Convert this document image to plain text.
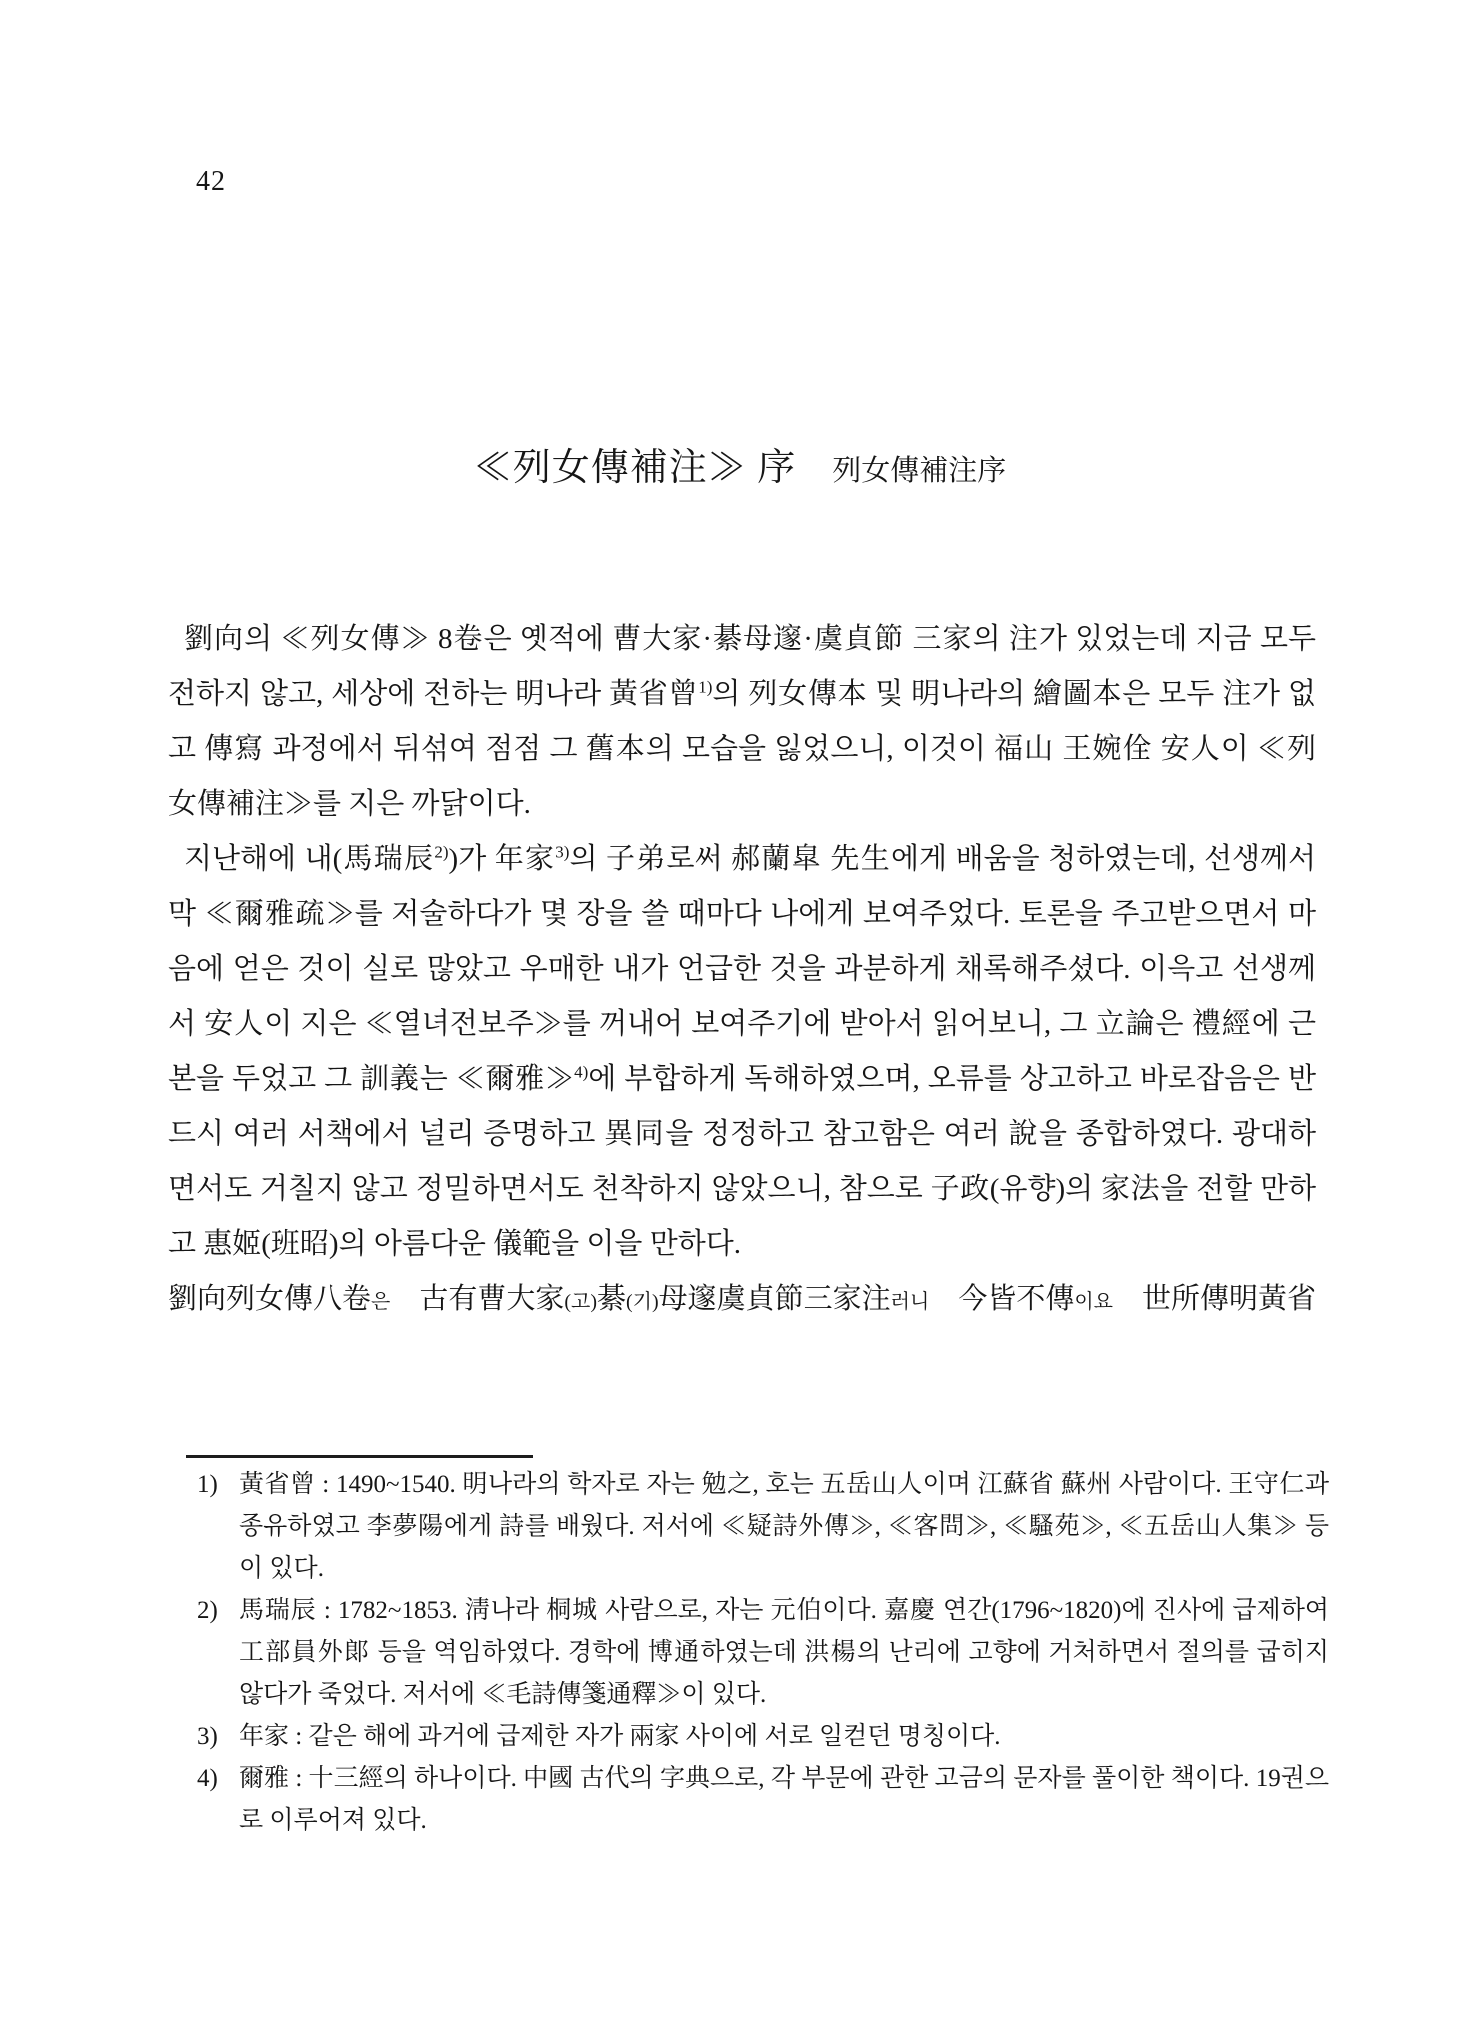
42
≪列女傳補注≫ 序 列女傳補注序

劉向의 ≪列女傳≫ 8卷은 옛적에 曹大家·綦母邃·虞貞節 三家의 注가 있었는데 지금 모두 전하지 않고, 세상에 전하는 明나라 黃省曾$^{1)}$의 列女傳本 및 明나라의 繪圖本은 모두 注가 없고 傳寫 과정에서 뒤섞여 점점 그 舊本의 모습을 잃었으니, 이것이 福山 王婉佺 安人이 ≪列女傳補注≫를 지은 까닭이다.

지난해에 내(馬瑞辰$^{2)}$)가 年家$^{3)}$의 子弟로써 郝蘭皐 先生에게 배움을 청하였는데, 선생께서 막 ≪爾雅疏≫를 저술하다가 몇 장을 쓸 때마다 나에게 보여주었다. 토론을 주고받으면서 마음에 얻은 것이 실로 많았고 우매한 내가 언급한 것을 과분하게 채록해주셨다. 이윽고 선생께서 安人이 지은 ≪열녀전보주≫를 꺼내어 보여주기에 받아서 읽어보니, 그 立論은 禮經에 근본을 두었고 그 訓義는 ≪爾雅≫$^{4)}$에 부합하게 독해하였으며, 오류를 상고하고 바로잡음은 반드시 여러 서책에서 널리 증명하고 異同을 정정하고 참고함은 여러 說을 종합하였다. 광대하면서도 거칠지 않고 정밀하면서도 천착하지 않았으니, 참으로 子政(유향)의 家法을 전할 만하고 惠姬(班昭)의 아름다운 儀範을 이을 만하다.

劉向列女傳八卷은　古有曹大家(고)綦(기)母邃虞貞節三家注러니　今皆不傳이요　世所傳明黃省

1) 黃省曾 : 1490~1540. 明나라의 학자로 자는 勉之, 호는 五岳山人이며 江蘇省 蘇州 사람이다. 王守仁과 종유하였고 李夢陽에게 詩를 배웠다. 저서에 ≪疑詩外傳≫, ≪客問≫, ≪騷苑≫, ≪五岳山人集≫ 등이 있다.
2) 馬瑞辰 : 1782~1853. 淸나라 桐城 사람으로, 자는 元伯이다. 嘉慶 연간(1796~1820)에 진사에 급제하여 工部員外郞 등을 역임하였다. 경학에 博通하였는데 洪楊의 난리에 고향에 거처하면서 절의를 굽히지 않다가 죽었다. 저서에 ≪毛詩傳箋通釋≫이 있다.
3) 年家 : 같은 해에 과거에 급제한 자가 兩家 사이에 서로 일컫던 명칭이다.
4) 爾雅 : 十三經의 하나이다. 中國 古代의 字典으로, 각 부문에 관한 고금의 문자를 풀이한 책이다. 19권으로 이루어져 있다.
